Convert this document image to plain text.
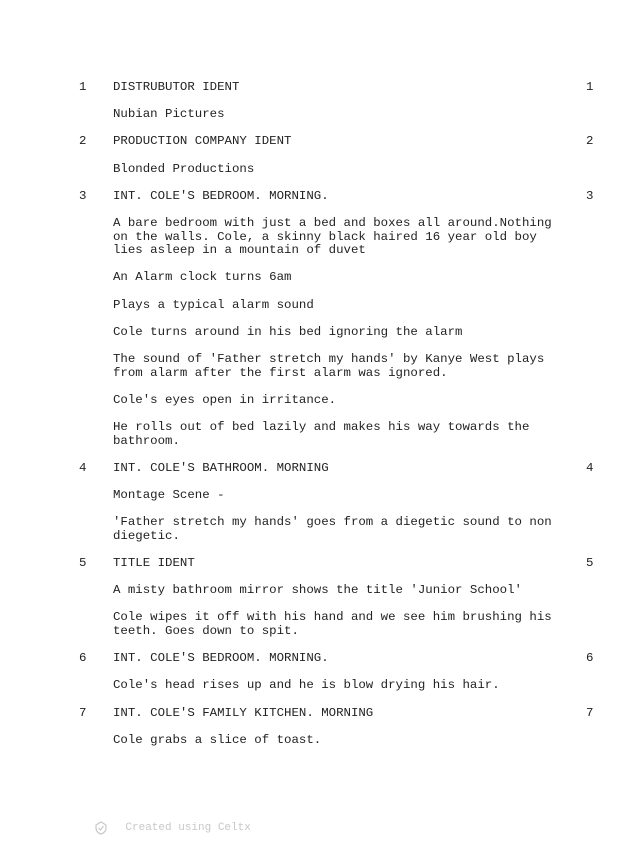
1 DISTRUBUTOR IDENT	1
Nubian Pictures
2 PRODUCTION COMPANY IDENT	2
Blonded Productions
3 INT. COLE'S BEDROOM. MORNING.	3
A bare bedroom with just a bed and boxes all around.Nothing
on the walls. Cole, a skinny black haired 16 year old boy
lies asleep in a mountain of duvet
An Alarm clock turns 6am
Plays a typical alarm sound
Cole turns around in his bed ignoring the alarm
The sound of 'Father stretch my hands' by Kanye West plays
from alarm after the first alarm was ignored.
Cole's eyes open in irritance.
He rolls out of bed lazily and makes his way towards the
bathroom.
4 INT. COLE'S BATHROOM. MORNING	4
Montage Scene -
'Father stretch my hands' goes from a diegetic sound to non
diegetic.
5 TITLE IDENT	5
A misty bathroom mirror shows the title 'Junior School'
Cole wipes it off with his hand and we see him brushing his
teeth. Goes down to spit.
6 INT. COLE'S BEDROOM. MORNING.	6
Cole's head rises up and he is blow drying his hair.
7 INT. COLE'S FAMILY KITCHEN. MORNING	7
Cole grabs a slice of toast.

Created using Celtx
